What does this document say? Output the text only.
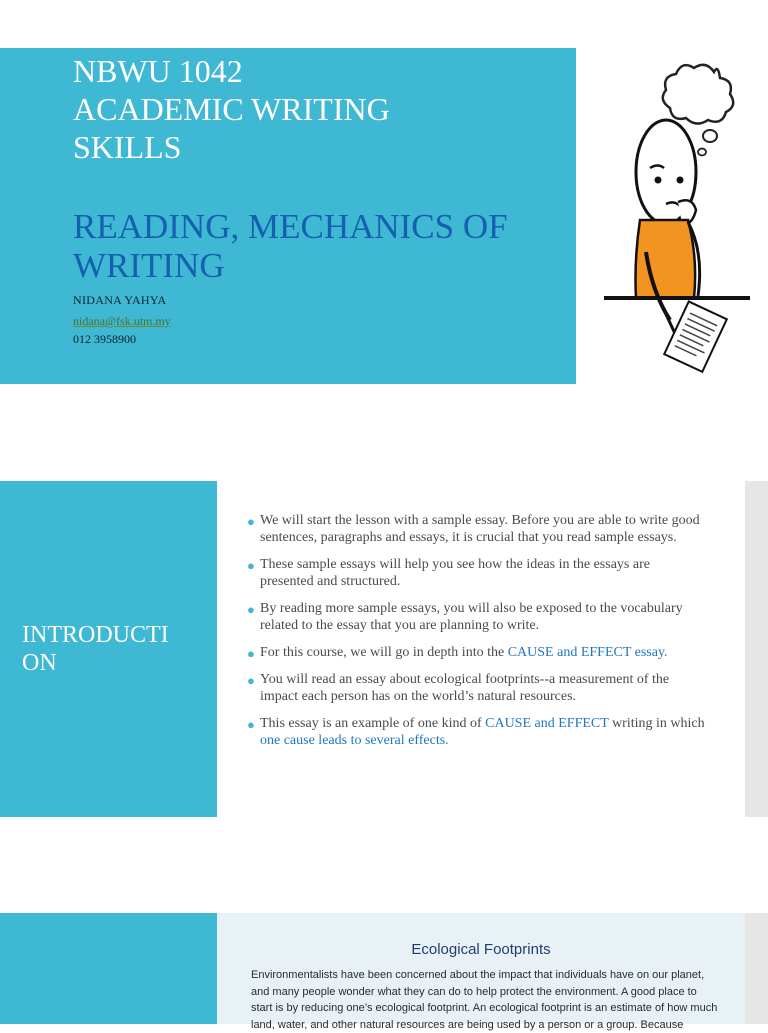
NBWU 1042
ACADEMIC WRITING
SKILLS
READING, MECHANICS OF
WRITING
NIDANA YAHYA
nidana@fsk.utm.my
012 3958900
INTRODUCTI
ON
● We will start the lesson with a sample essay. Before you are able to write good sentences, paragraphs and essays, it is crucial that you read sample essays.
● These sample essays will help you see how the ideas in the essays are presented and structured.
● By reading more sample essays, you will also be exposed to the vocabulary related to the essay that you are planning to write.
● For this course, we will go in depth into the CAUSE and EFFECT essay.
● You will read an essay about ecological footprints--a measurement of the impact each person has on the world’s natural resources.
● This essay is an example of one kind of CAUSE and EFFECT writing in which one cause leads to several effects.
Ecological Footprints
Environmentalists have been concerned about the impact that individuals have on our planet, and many people wonder what they can do to help protect the environment. A good place to start is by reducing one’s ecological footprint. An ecological footprint is an estimate of how much land, water, and other natural resources are being used by a person or a group. Because
